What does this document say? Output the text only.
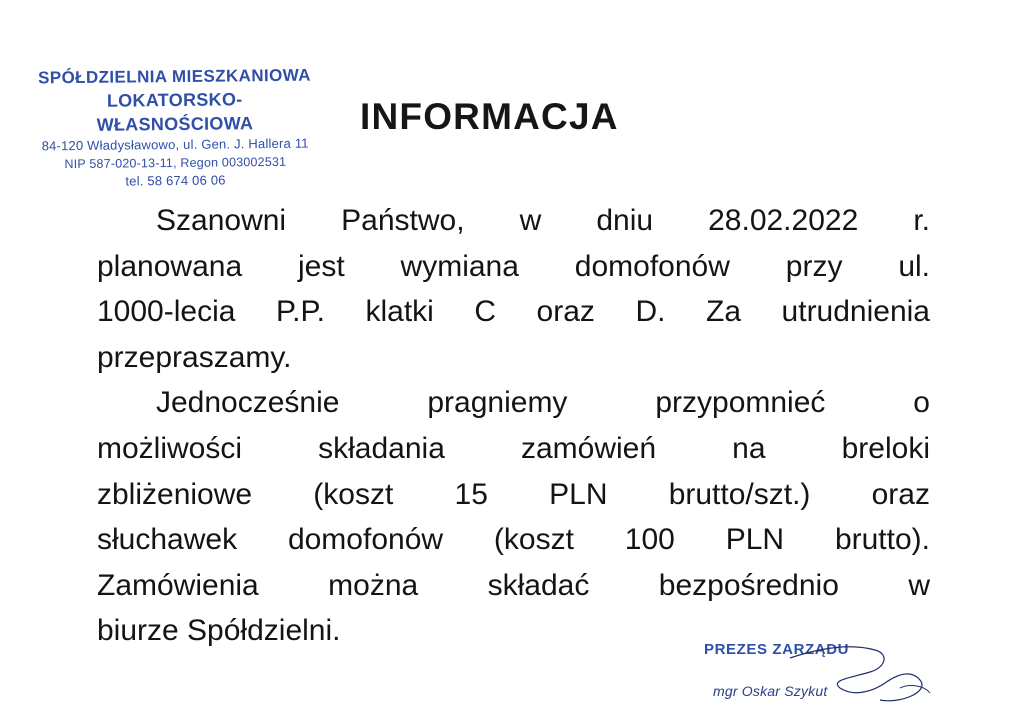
SPÓŁDZIELNIA MIESZKANIOWA
LOKATORSKO-WŁASNOŚCIOWA
84-120 Władysławowo, ul. Gen. J. Hallera 11
NIP 587-020-13-11, Regon 003002531
tel. 58 674 06 06
INFORMACJA
Szanowni Państwo, w dniu 28.02.2022 r.
planowana jest wymiana domofonów przy ul.
1000-lecia P.P. klatki C oraz D. Za utrudnienia
przepraszamy.
Jednocześnie pragniemy przypomnieć o
możliwości składania zamówień na breloki
zbliżeniowe (koszt 15 PLN brutto/szt.) oraz
słuchawek domofonów (koszt 100 PLN brutto).
Zamówienia można składać bezpośrednio w
biurze Spółdzielni.
PREZES ZARZĄDU
mgr Oskar Szykut
